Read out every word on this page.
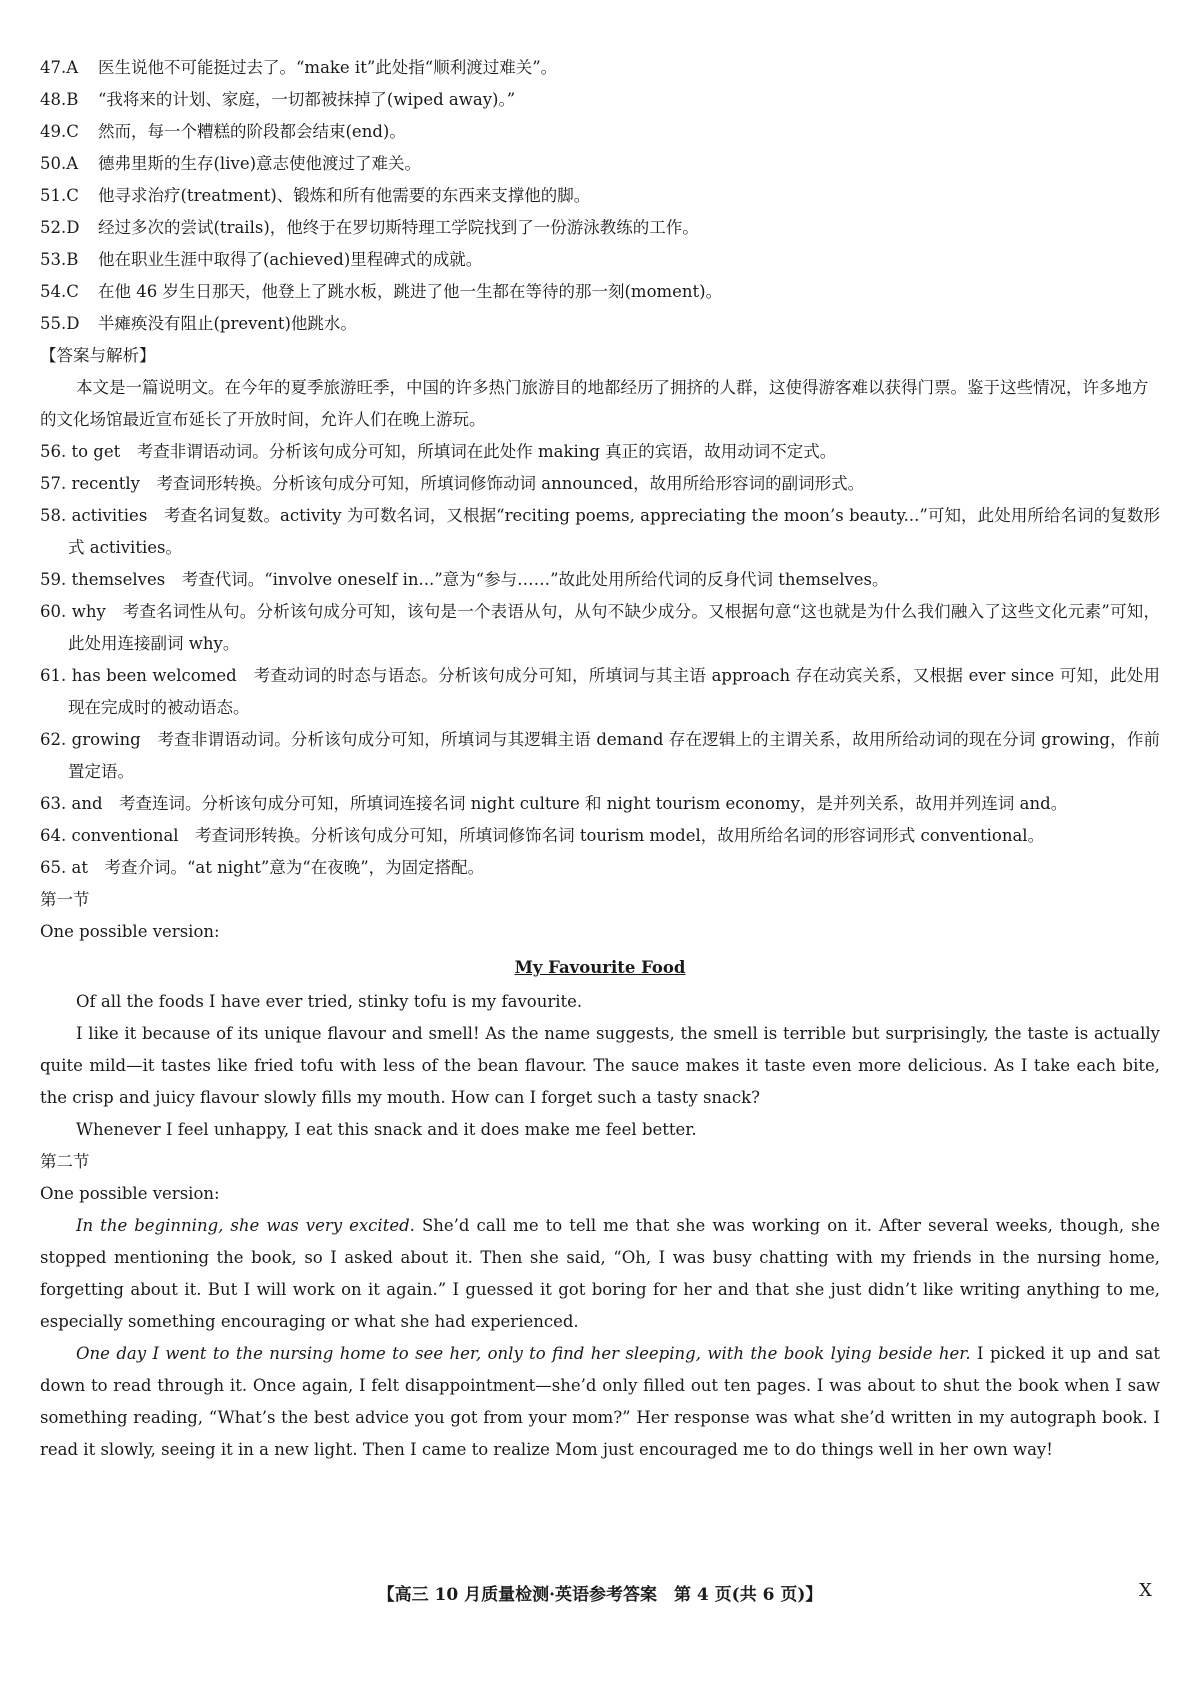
47.A	医生说他不可能挺过去了。“make it”此处指“顺利渡过难关”。
48.B	“我将来的计划、家庭，一切都被抹掉了(wiped away)。”
49.C	然而，每一个糟糕的阶段都会结束(end)。
50.A	德弗里斯的生存(live)意志使他渡过了难关。
51.C	他寻求治疗(treatment)、锻炼和所有他需要的东西来支撑他的脚。
52.D	经过多次的尝试(trails)，他终于在罗切斯特理工学院找到了一份游泳教练的工作。
53.B	他在职业生涯中取得了(achieved)里程碑式的成就。
54.C	在他 46 岁生日那天，他登上了跳水板，跳进了他一生都在等待的那一刻(moment)。
55.D	半瘫痪没有阻止(prevent)他跳水。
【答案与解析】
本文是一篇说明文。在今年的夏季旅游旺季，中国的许多热门旅游目的地都经历了拥挤的人群，这使得游客难以获得门票。鉴于这些情况，许多地方的文化场馆最近宣布延长了开放时间，允许人们在晚上游玩。
56. to get　 考查非谓语动词。分析该句成分可知，所填词在此处作 making 真正的宾语，故用动词不定式。
57. recently　 考查词形转换。分析该句成分可知，所填词修饰动词 announced，故用所给形容词的副词形式。
58. activities　 考查名词复数。activity 为可数名词，又根据“reciting poems, appreciating the moon’s beauty...”可知，此处用所给名词的复数形式 activities。
59. themselves　 考查代词。“involve oneself in...”意为“参与……”故此处用所给代词的反身代词 themselves。
60. why　 考查名词性从句。分析该句成分可知，该句是一个表语从句，从句不缺少成分。又根据句意“这也就是为什么我们融入了这些文化元素”可知，此处用连接副词 why。
61. has been welcomed　 考查动词的时态与语态。分析该句成分可知，所填词与其主语 approach 存在动宾关系，又根据 ever since 可知，此处用现在完成时的被动语态。
62. growing　 考查非谓语动词。分析该句成分可知，所填词与其逻辑主语 demand 存在逻辑上的主谓关系，故用所给动词的现在分词 growing，作前置定语。
63. and　 考查连词。分析该句成分可知，所填词连接名词 night culture 和 night tourism economy，是并列关系，故用并列连词 and。
64. conventional　 考查词形转换。分析该句成分可知，所填词修饰名词 tourism model，故用所给名词的形容词形式 conventional。
65. at　 考查介词。“at night”意为“在夜晚”，为固定搭配。
第一节
One possible version:
My Favourite Food
Of all the foods I have ever tried, stinky tofu is my favourite.
I like it because of its unique flavour and smell! As the name suggests, the smell is terrible but surprisingly, the taste is actually quite mild—it tastes like fried tofu with less of the bean flavour. The sauce makes it taste even more delicious. As I take each bite, the crisp and juicy flavour slowly fills my mouth. How can I forget such a tasty snack?
Whenever I feel unhappy, I eat this snack and it does make me feel better.
第二节
One possible version:
In the beginning, she was very excited. She’d call me to tell me that she was working on it. After several weeks, though, she stopped mentioning the book, so I asked about it. Then she said, “Oh, I was busy chatting with my friends in the nursing home, forgetting about it. But I will work on it again.” I guessed it got boring for her and that she just didn’t like writing anything to me, especially something encouraging or what she had experienced.
One day I went to the nursing home to see her, only to find her sleeping, with the book lying beside her. I picked it up and sat down to read through it. Once again, I felt disappointment—she’d only filled out ten pages. I was about to shut the book when I saw something reading, “What’s the best advice you got from your mom?” Her response was what she’d written in my autograph book. I read it slowly, seeing it in a new light. Then I came to realize Mom just encouraged me to do things well in her own way!
【高三 10 月质量检测·英语参考答案　第 4 页(共 6 页)】	X
